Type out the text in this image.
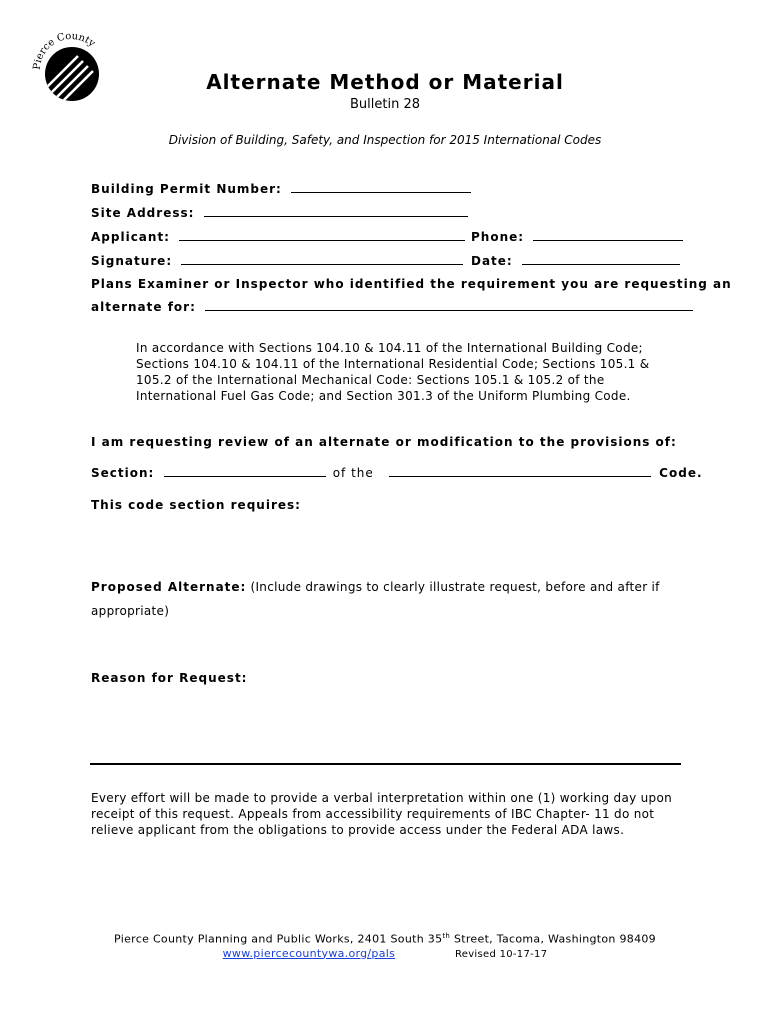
Pierce County
Alternate Method or Material
Bulletin 28
Division of Building, Safety, and Inspection for 2015 International Codes
Building Permit Number:
Site Address:
Applicant:	Phone:
Signature:	Date:
Plans Examiner or Inspector who identified the requirement you are requesting an
alternate for:
In accordance with Sections 104.10 & 104.11 of the International Building Code;
Sections 104.10 & 104.11 of the International Residential Code; Sections 105.1 &
105.2 of the International Mechanical Code: Sections 105.1 & 105.2 of the
International Fuel Gas Code; and Section 301.3 of the Uniform Plumbing Code.
I am requesting review of an alternate or modification to the provisions of:
Section:	of the	Code.
This code section requires:
Proposed Alternate: (Include drawings to clearly illustrate request, before and after if
appropriate)
Reason for Request:
Every effort will be made to provide a verbal interpretation within one (1) working day upon
receipt of this request. Appeals from accessibility requirements of IBC Chapter- 11 do not
relieve applicant from the obligations to provide access under the Federal ADA laws.
Pierce County Planning and Public Works, 2401 South 35th Street, Tacoma, Washington 98409
www.piercecountywa.org/pals	Revised 10-17-17
